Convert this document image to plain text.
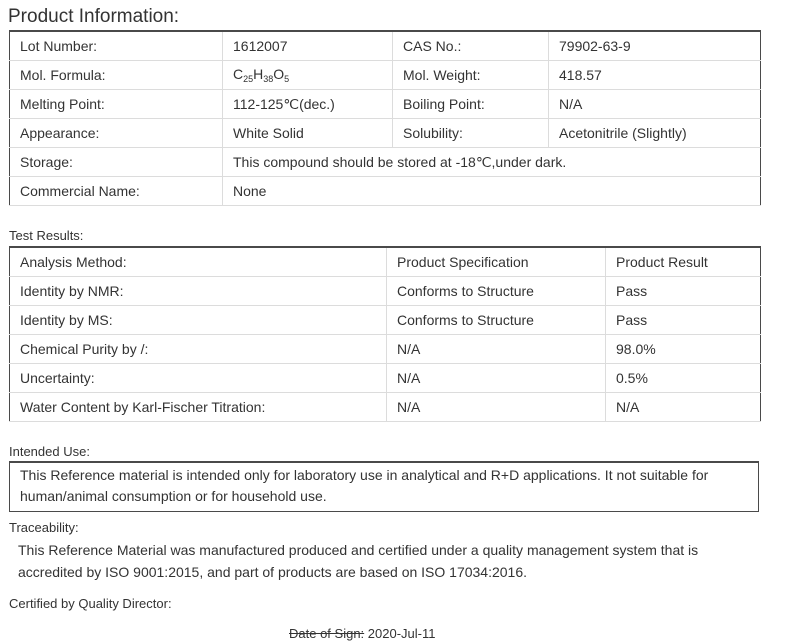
Product Information:
Lot Number:	1612007	CAS No.:	79902-63-9
Mol. Formula:	$C_{25}H_{38}O_5$	Mol. Weight:	418.57
Melting Point:	112-125℃(dec.)	Boiling Point:	N/A
Appearance:	White Solid	Solubility:	Acetonitrile (Slightly)
Storage:	This compound should be stored at -18℃,under dark.		
Commercial Name:	None		
Test Results:
Analysis Method:	Product Specification	Product Result
Identity by NMR:	Conforms to Structure	Pass
Identity by MS:	Conforms to Structure	Pass
Chemical Purity by /:	N/A	98.0%
Uncertainty:	N/A	0.5%
Water Content by Karl-Fischer Titration:	N/A	N/A
Intended Use:
This Reference material is intended only for laboratory use in analytical and R+D applications. It not suitable for human/animal consumption or for household use.
Traceability:
This Reference Material was manufactured produced and certified under a quality management system that is accredited by ISO 9001:2015, and part of products are based on ISO 17034:2016.
Certified by Quality Director:
Date of Sign: 2020-Jul-11
